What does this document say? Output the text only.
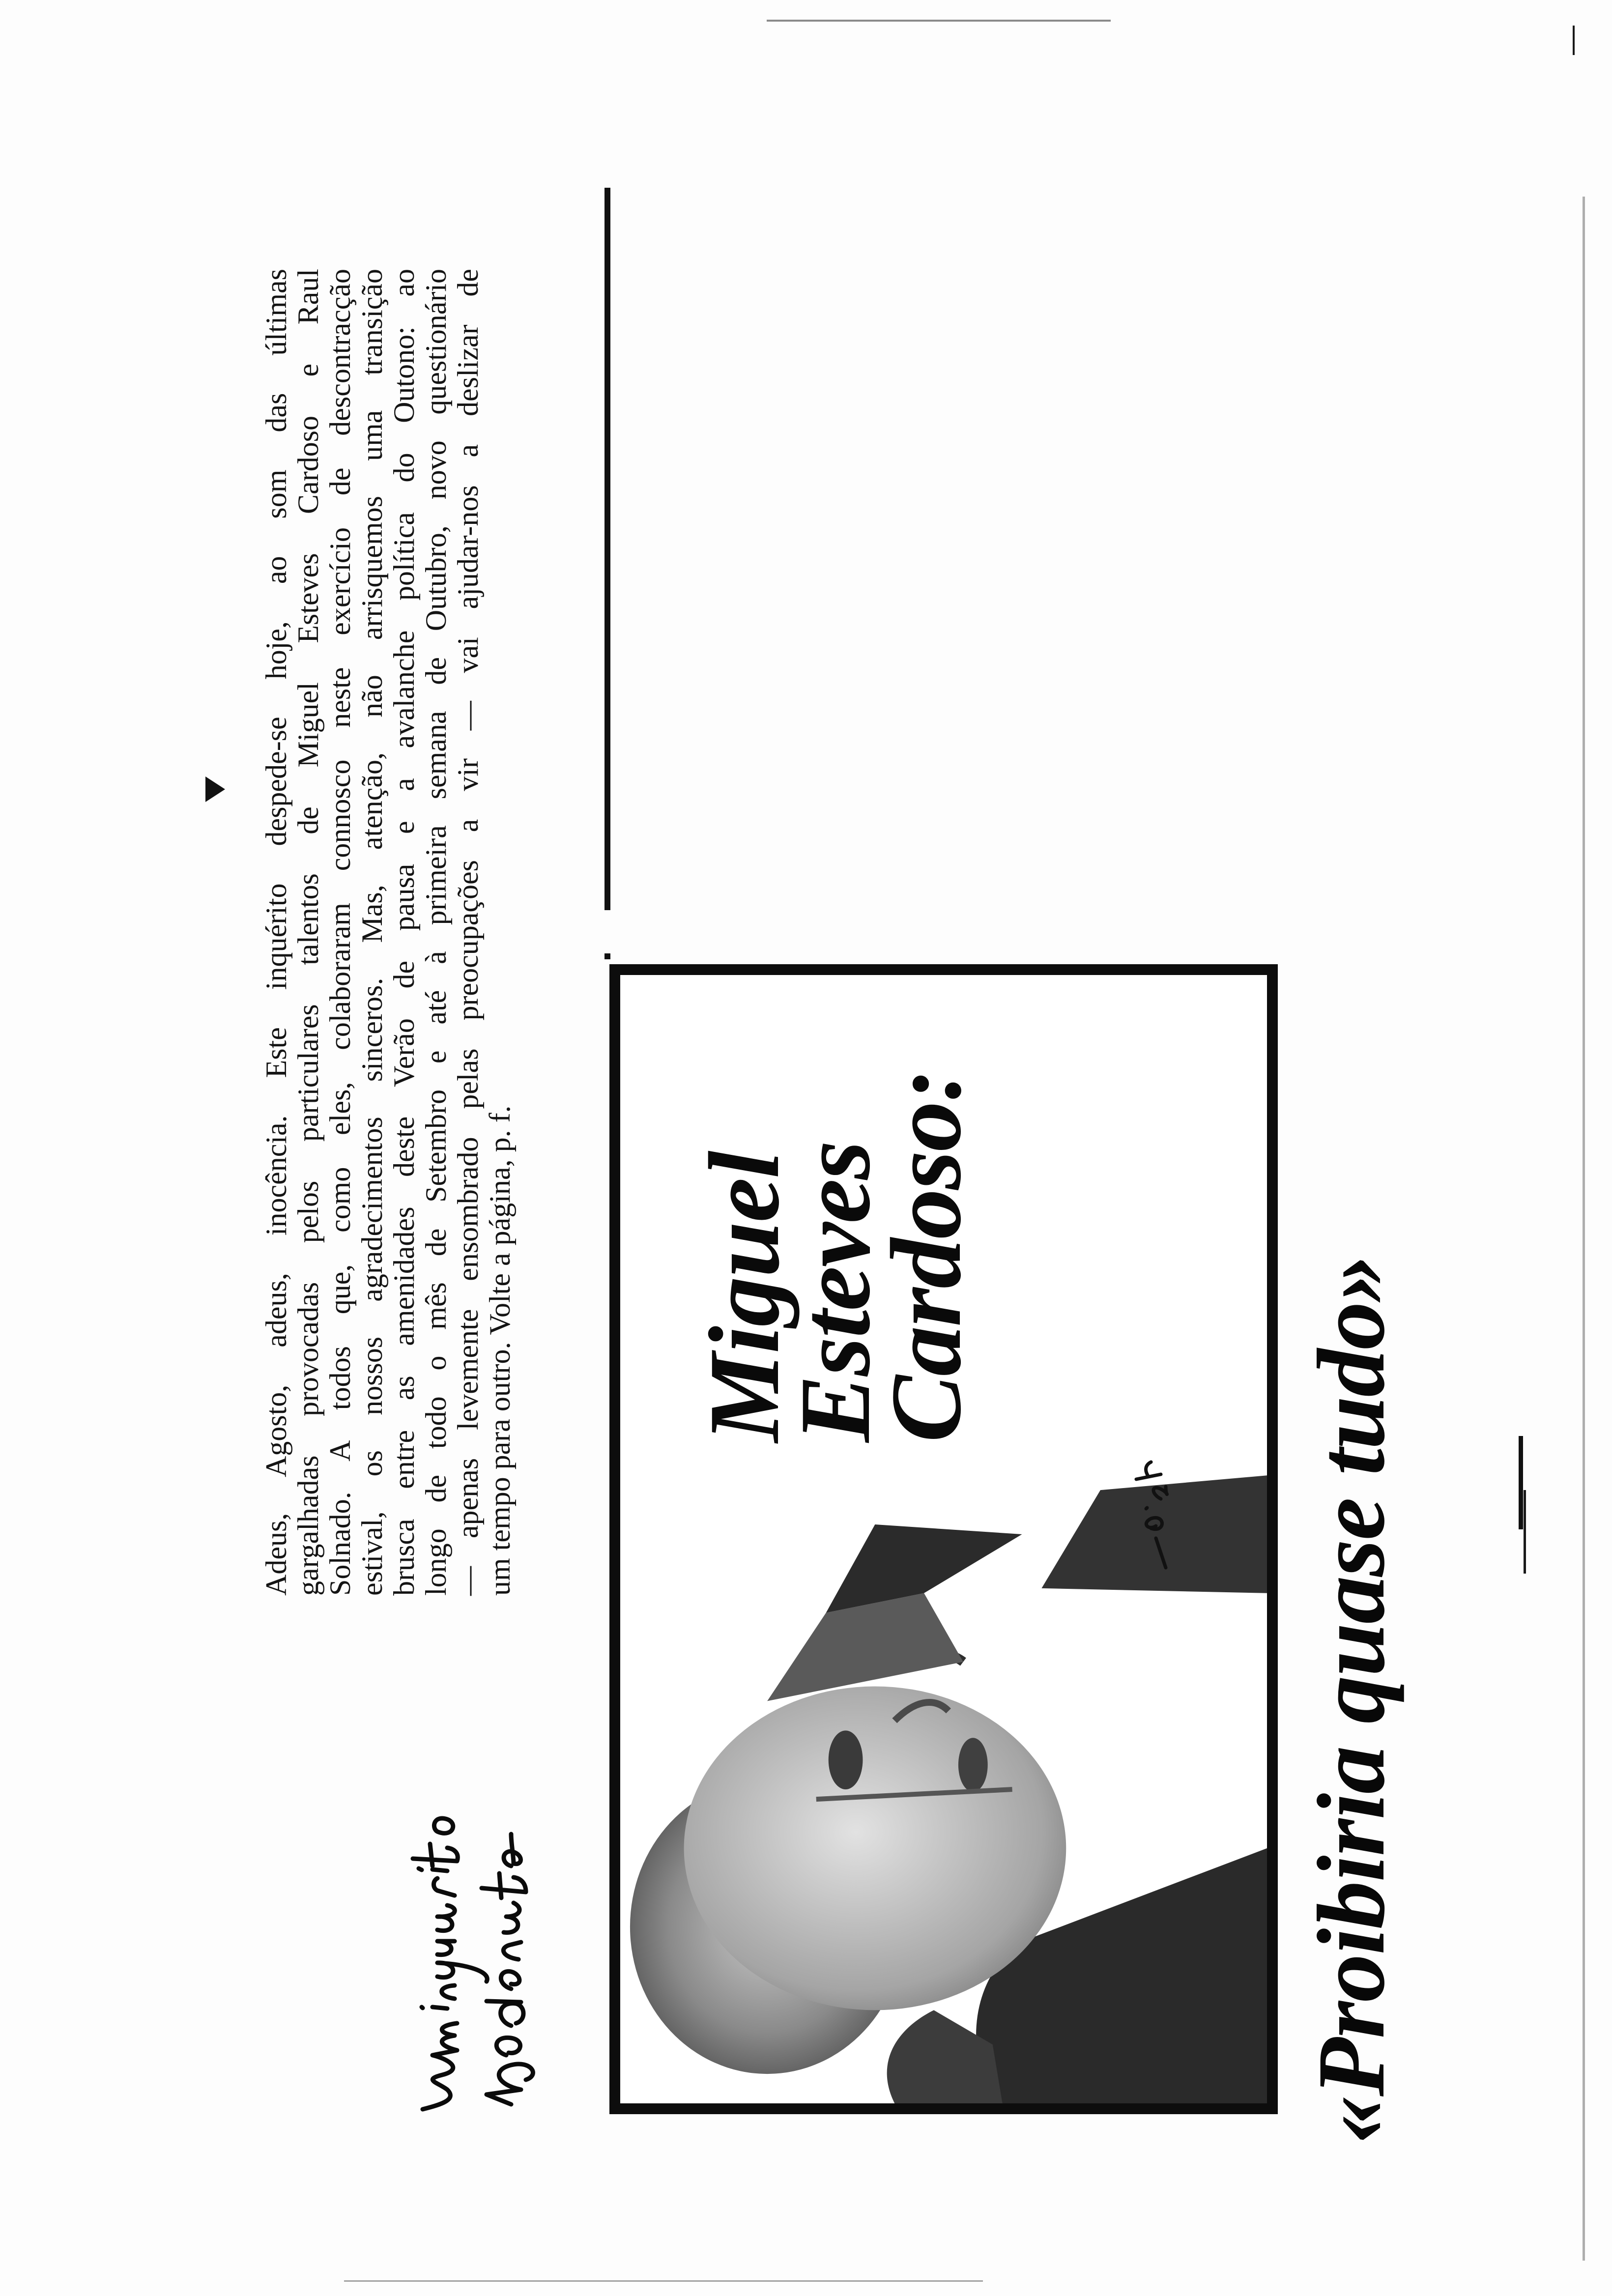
Adeus, Agosto, adeus, inocência. Este inquérito despede-se hoje, ao som das últimas gargalhadas provocadas pelos particulares talentos de Miguel Esteves Cardoso e Raul Solnado. A todos que, como eles, colaboraram connosco neste exercício de descontracção estival, os nossos agradecimentos sinceros. Mas, atenção, não arrisquemos uma transição brusca entre as amenidades deste Verão de pausa e a avalanche política do Outono: ao longo de todo o mês de Setembro e até à primeira semana de Outubro, novo questionário — apenas levemente ensombrado pelas preocupações a vir — vai ajudar-nos a deslizar de um tempo para outro. Volte a página, p. f. Miguel
Esteves
Cardoso:	«Proibiria quase tudo»
